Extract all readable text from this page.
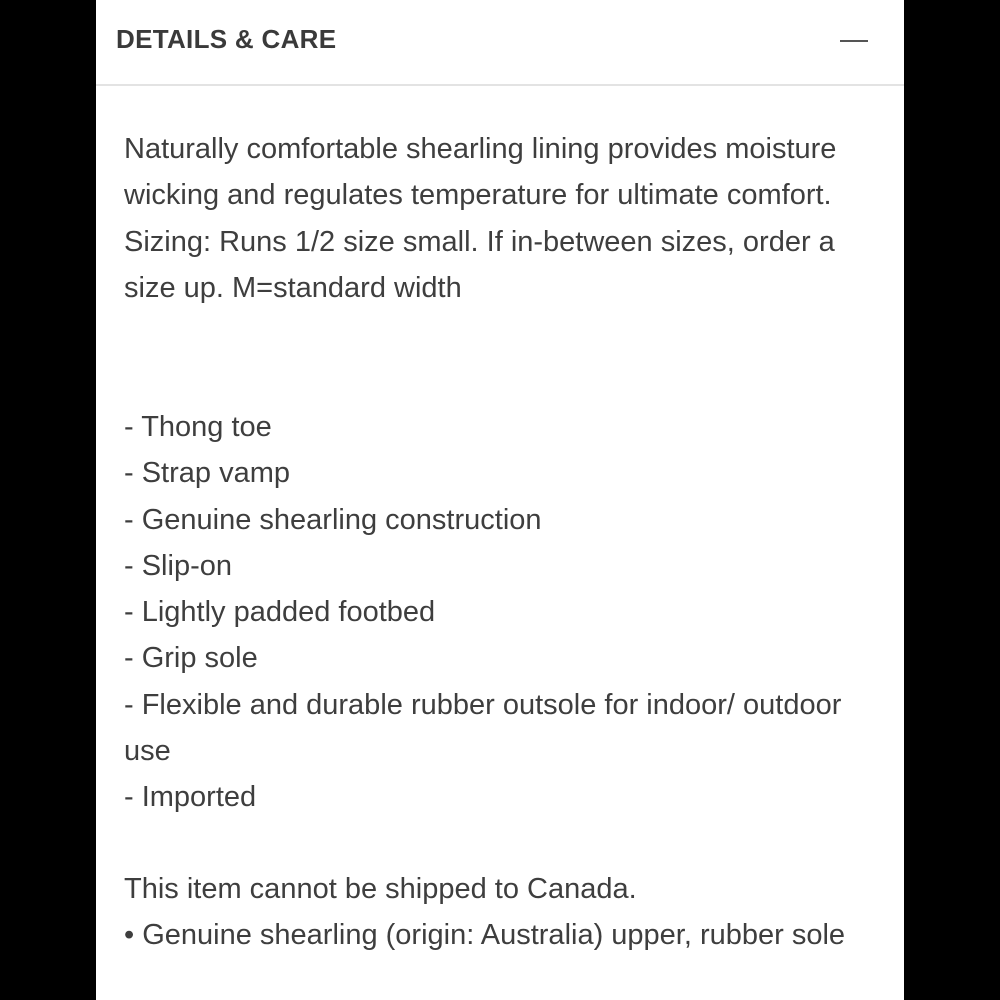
DETAILS & CARE

Naturally comfortable shearling lining provides moisture wicking and regulates temperature for ultimate comfort. Sizing: Runs 1/2 size small. If in-between sizes, order a size up. M=standard width

- Thong toe
- Strap vamp
- Genuine shearling construction
- Slip-on
- Lightly padded footbed
- Grip sole
- Flexible and durable rubber outsole for indoor/ outdoor use
- Imported

This item cannot be shipped to Canada.

• Genuine shearling (origin: Australia) upper, rubber sole
